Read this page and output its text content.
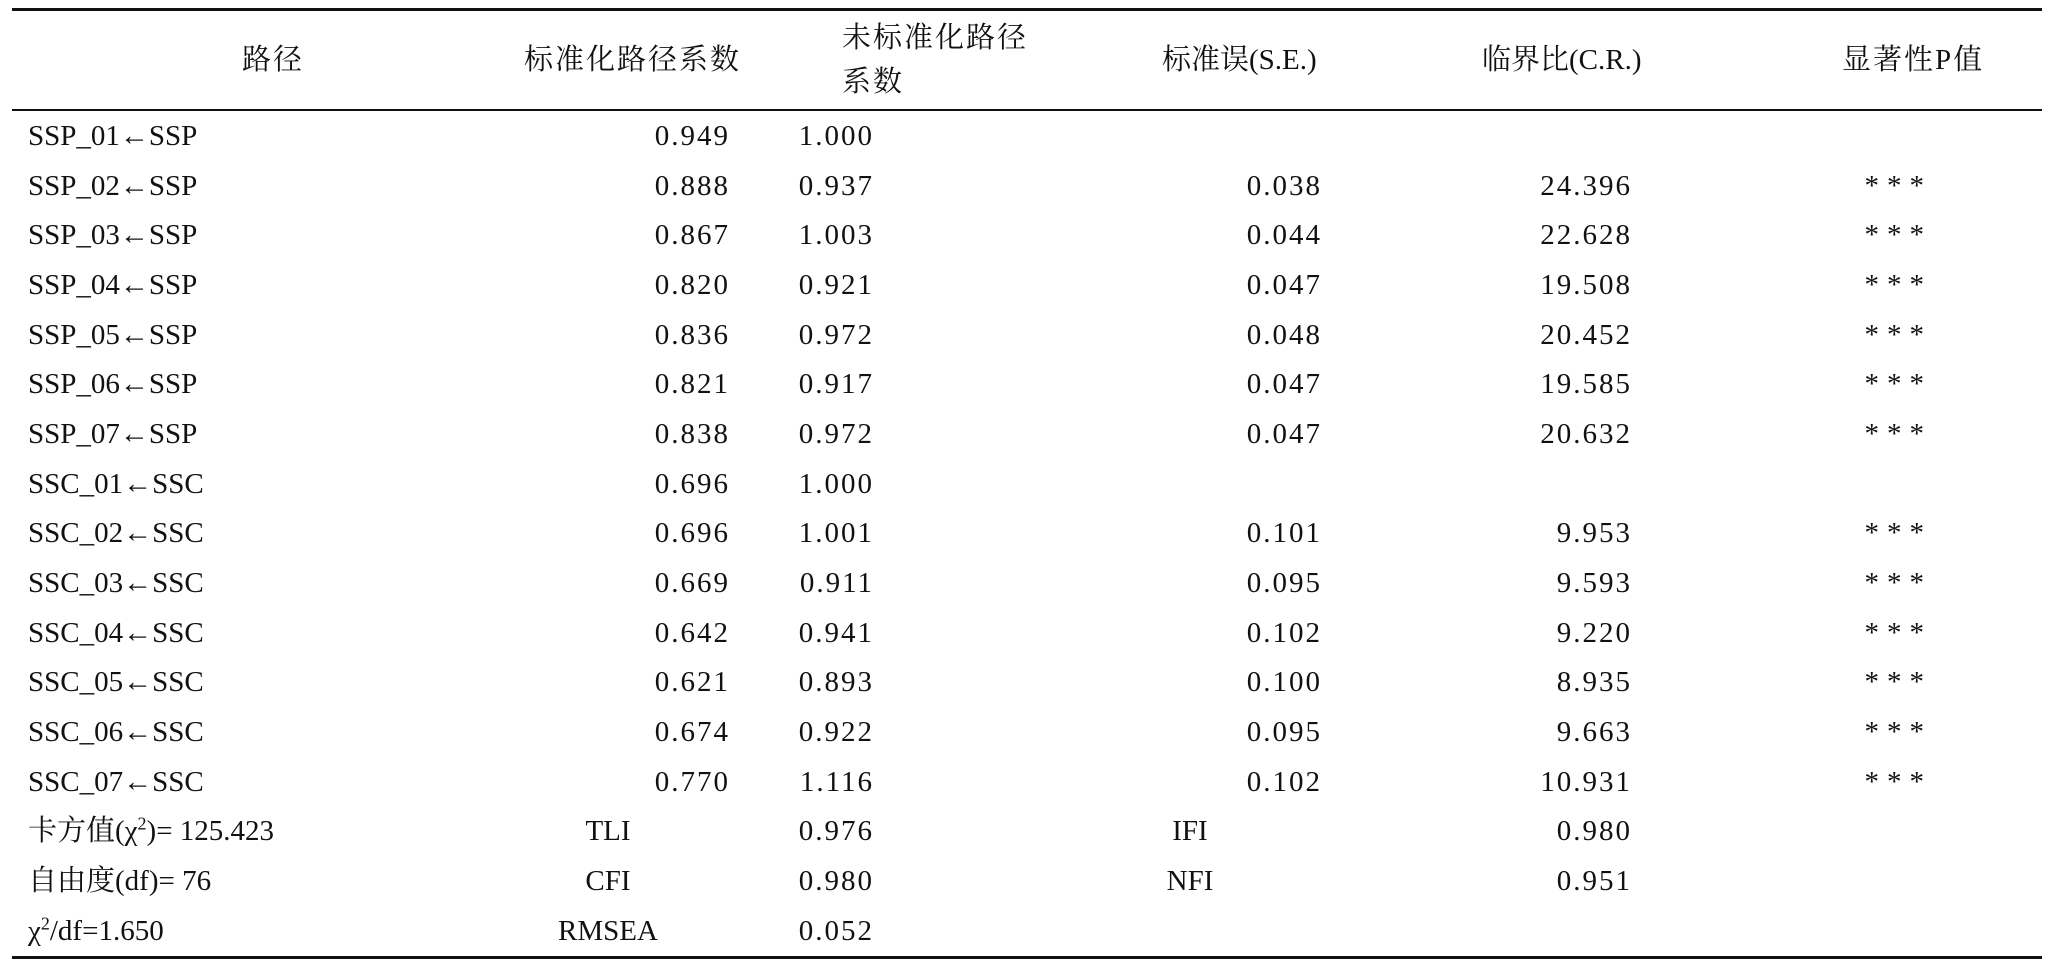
路径	标准化路径系数	未标准化路径系数	标准误(S.E.)	临界比(C.R.)	显著性P值
SSP_01←SSP	0.949	1.000			
SSP_02←SSP	0.888	0.937	0.038	24.396	***
SSP_03←SSP	0.867	1.003	0.044	22.628	***
SSP_04←SSP	0.820	0.921	0.047	19.508	***
SSP_05←SSP	0.836	0.972	0.048	20.452	***
SSP_06←SSP	0.821	0.917	0.047	19.585	***
SSP_07←SSP	0.838	0.972	0.047	20.632	***
SSC_01←SSC	0.696	1.000			
SSC_02←SSC	0.696	1.001	0.101	9.953	***
SSC_03←SSC	0.669	0.911	0.095	9.593	***
SSC_04←SSC	0.642	0.941	0.102	9.220	***
SSC_05←SSC	0.621	0.893	0.100	8.935	***
SSC_06←SSC	0.674	0.922	0.095	9.663	***
SSC_07←SSC	0.770	1.116	0.102	10.931	***
卡方值$(\chi^2)= 125.423$	TLI	0.976	IFI	0.980	
自由度(df)= 76	CFI	0.980	NFI	0.951	
$\chi^2/df=1.650$	RMSEA	0.052			
